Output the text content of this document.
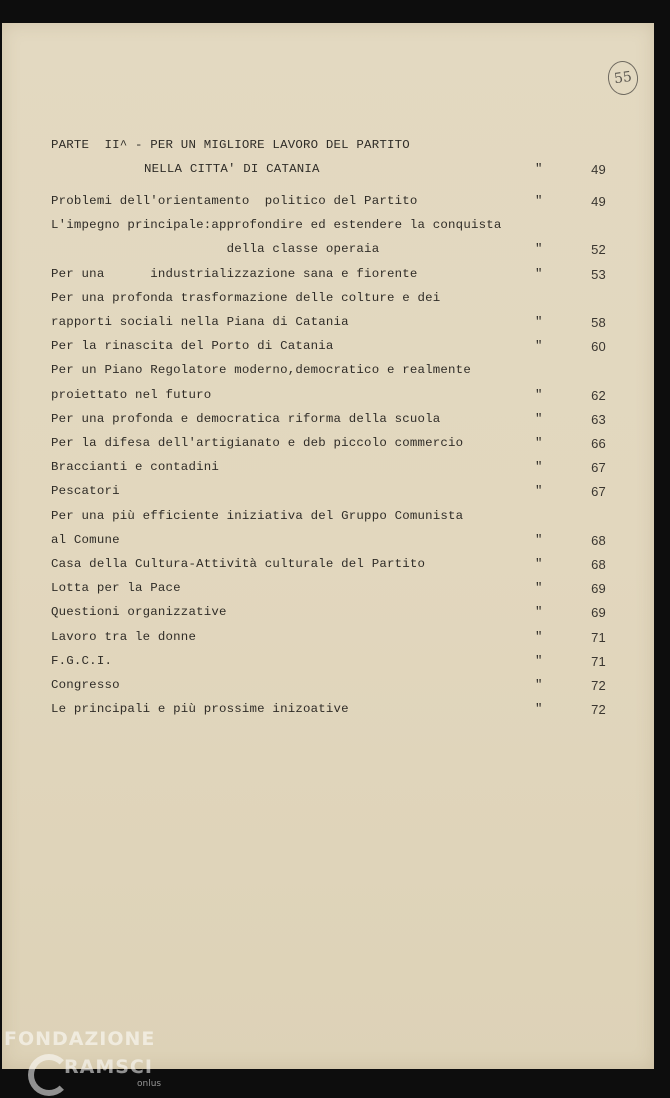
55
PARTE  II^ - PER UN MIGLIORE LAVORO DEL PARTITO
NELLA CITTA' DI CATANIA	"	49
Problemi dell'orientamento  politico del Partito	"	49
L'impegno principale:approfondire ed estendere la conquista
della classe operaia	"	52
Per una      industrializzazione sana e fiorente	"	53
Per una profonda trasformazione delle colture e dei
rapporti sociali nella Piana di Catania	"	58
Per la rinascita del Porto di Catania	"	60
Per un Piano Regolatore moderno,democratico e realmente
proiettato nel futuro	"	62
Per una profonda e democratica riforma della scuola	"	63
Per la difesa dell'artigianato e deb piccolo commercio	"	66
Braccianti e contadini	"	67
Pescatori	"	67
Per una più efficiente iniziativa del Gruppo Comunista
al Comune	"	68
Casa della Cultura-Attività culturale del Partito	"	68
Lotta per la Pace	"	69
Questioni organizzative	"	69
Lavoro tra le donne	"	71
F.G.C.I.	"	71
Congresso	"	72
Le principali e più prossime inizoative	"	72
FONDAZIONE
RAMSCI
onlus
